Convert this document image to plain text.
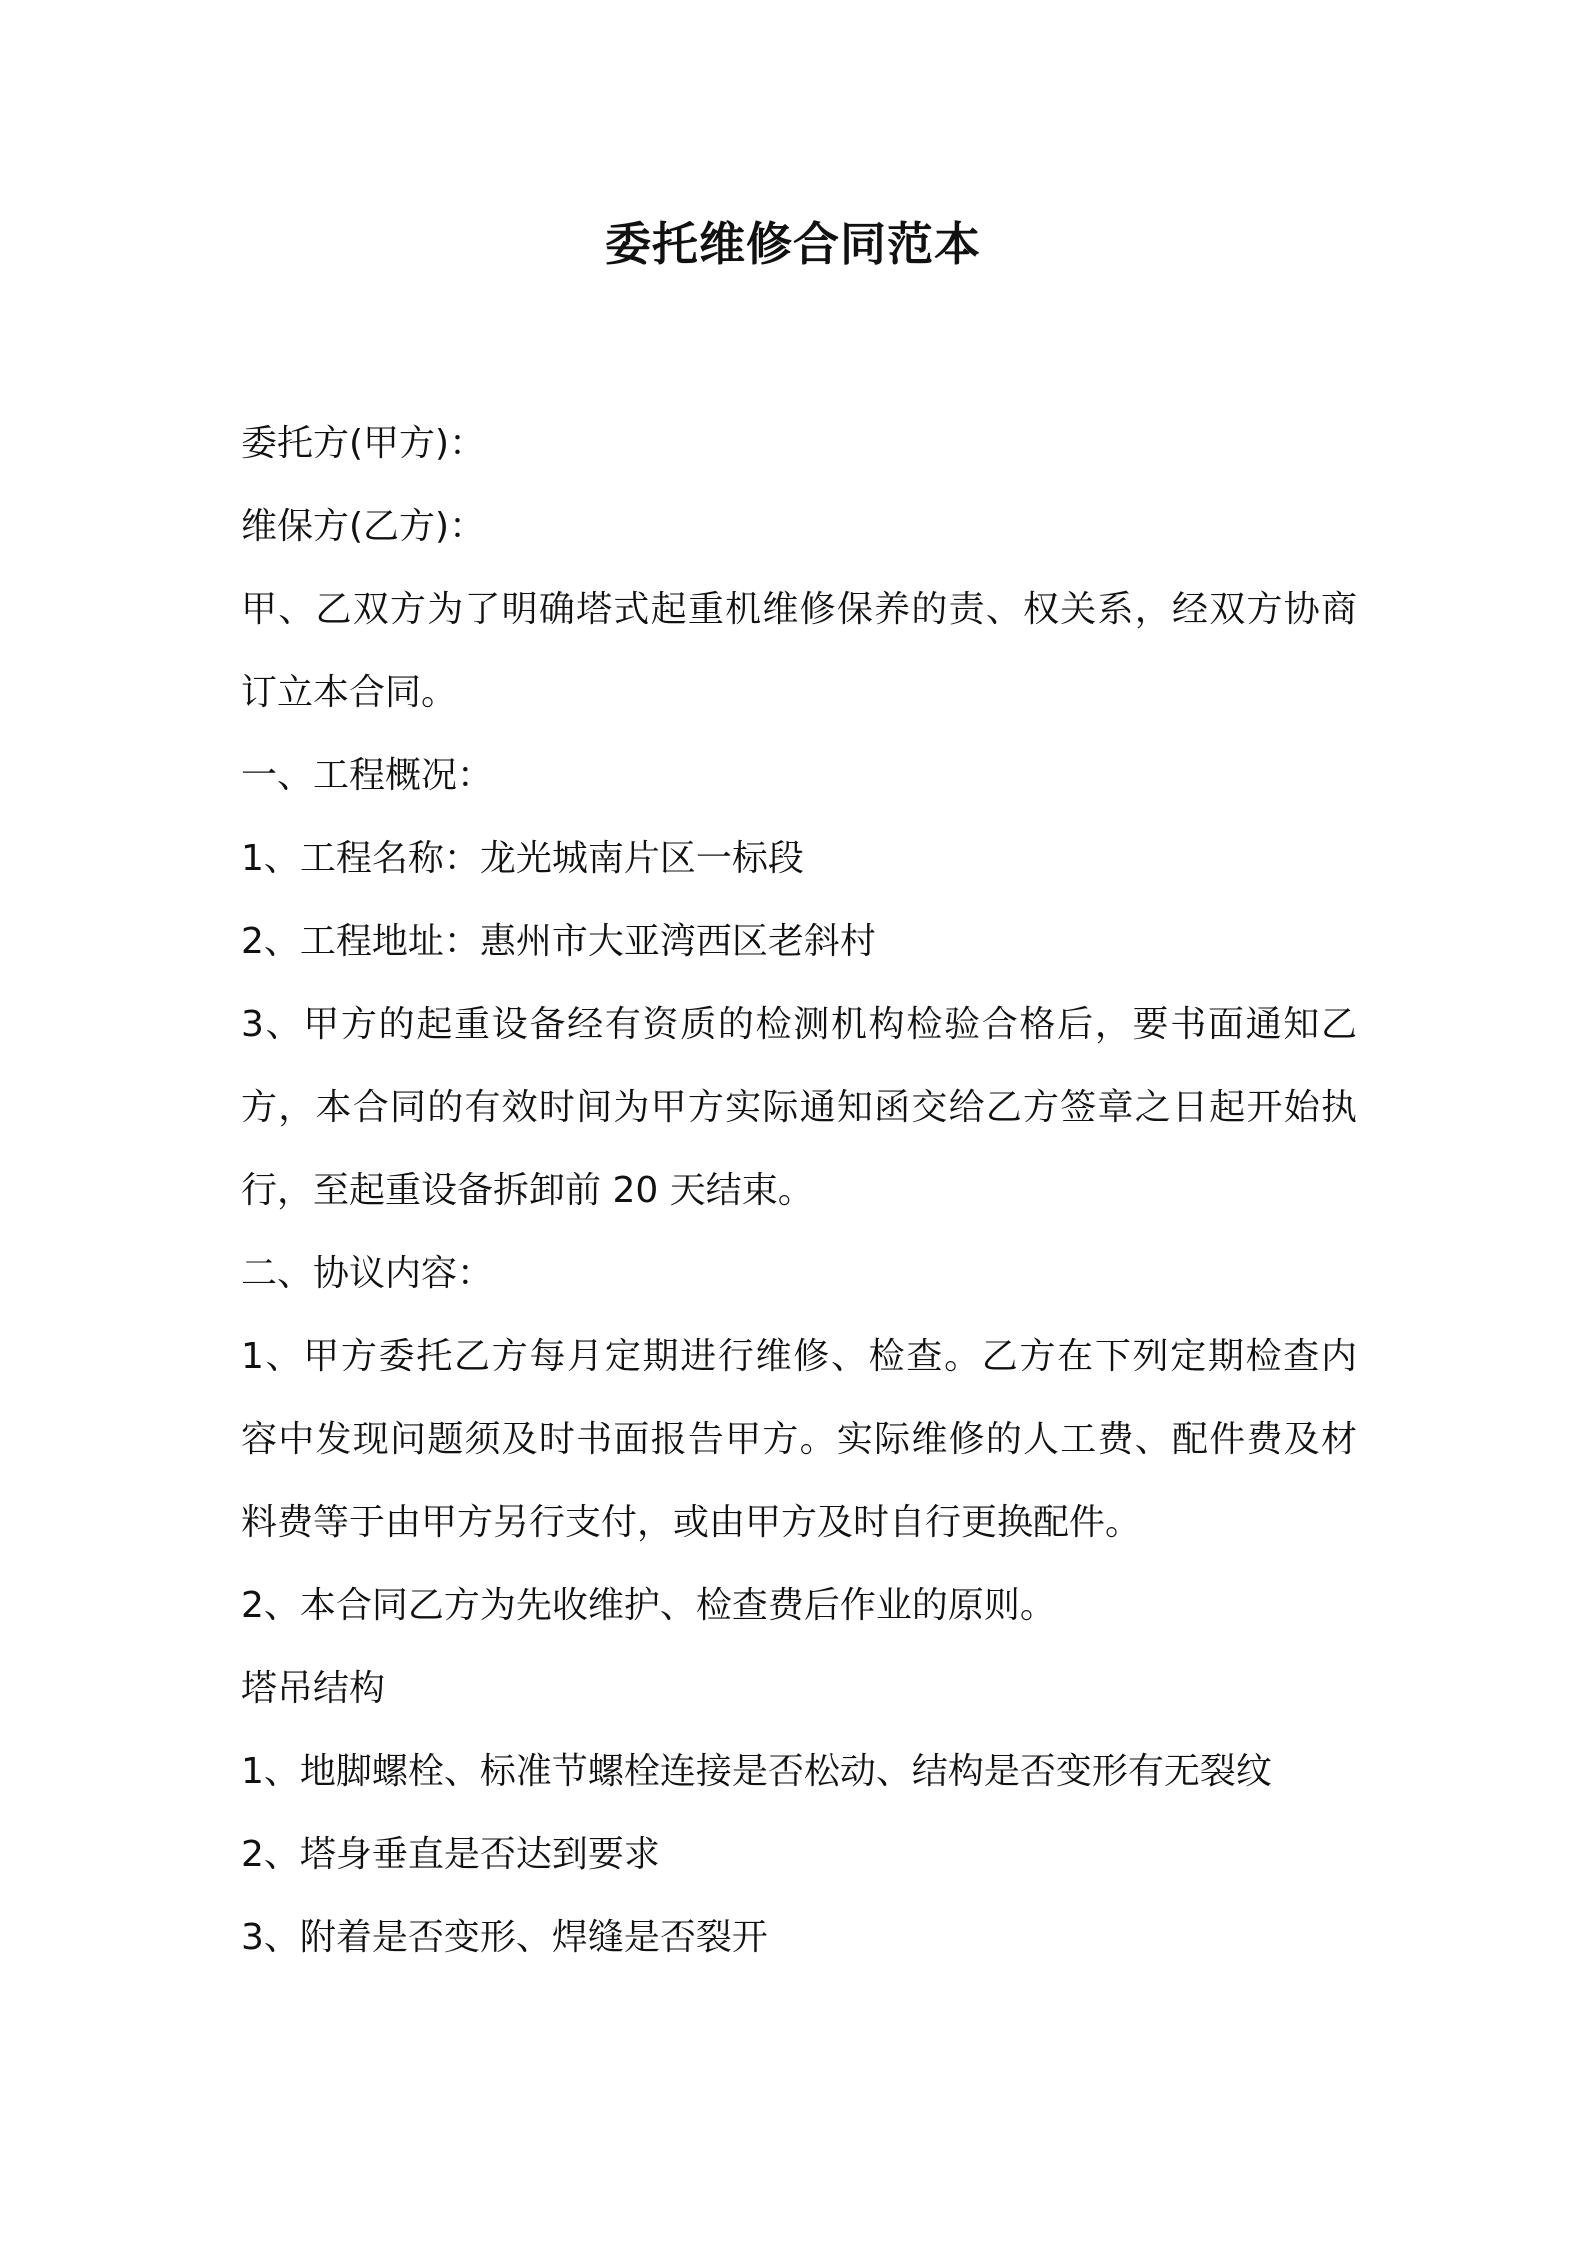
委托维修合同范本
委托方(甲方)：
维保方(乙方)：
甲、乙双方为了明确塔式起重机维修保养的责、权关系，经双方协商
订立本合同。
一、工程概况：
1、工程名称：龙光城南片区一标段
2、工程地址：惠州市大亚湾西区老斜村
3、甲方的起重设备经有资质的检测机构检验合格后，要书面通知乙
方，本合同的有效时间为甲方实际通知函交给乙方签章之日起开始执
行，至起重设备拆卸前 20 天结束。
二、协议内容：
1、甲方委托乙方每月定期进行维修、检查。乙方在下列定期检查内
容中发现问题须及时书面报告甲方。实际维修的人工费、配件费及材
料费等于由甲方另行支付，或由甲方及时自行更换配件。
2、本合同乙方为先收维护、检查费后作业的原则。
塔吊结构
1、地脚螺栓、标准节螺栓连接是否松动、结构是否变形有无裂纹
2、塔身垂直是否达到要求
3、附着是否变形、焊缝是否裂开
